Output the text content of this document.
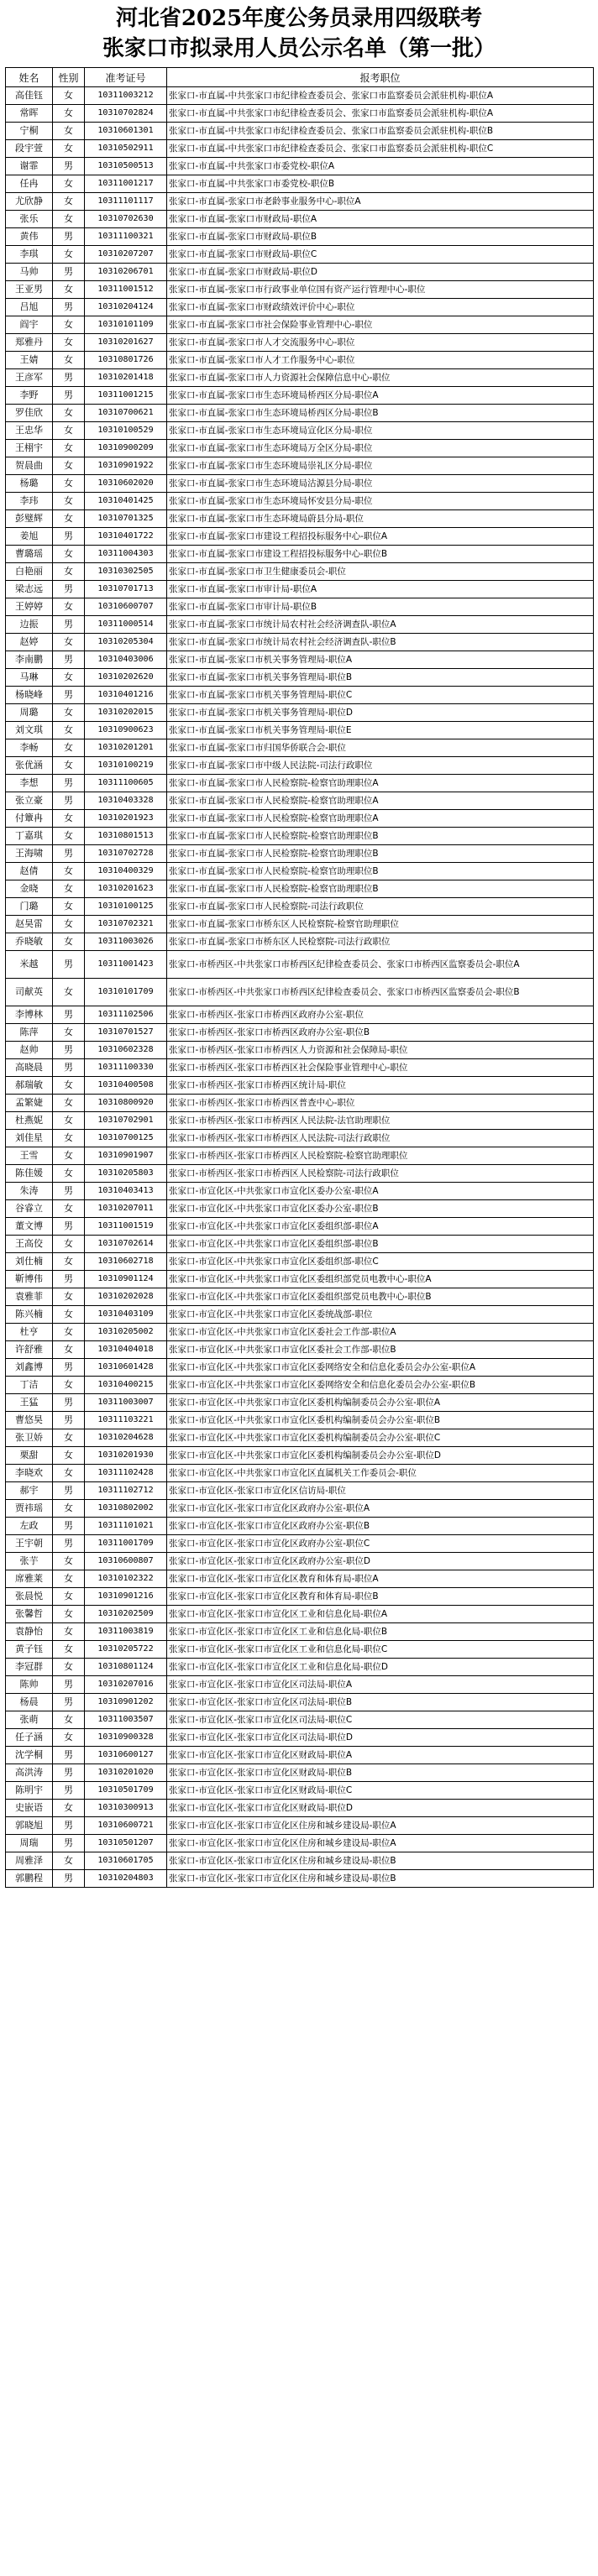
河北省2025年度公务员录用四级联考
张家口市拟录用人员公示名单（第一批）
姓名	性别	准考证号	报考职位
高佳钰	女	10311003212	张家口-市直属-中共张家口市纪律检查委员会、张家口市监察委员会派驻机构-职位A
常晖	女	10310702824	张家口-市直属-中共张家口市纪律检查委员会、张家口市监察委员会派驻机构-职位A
宁桐	女	10310601301	张家口-市直属-中共张家口市纪律检查委员会、张家口市监察委员会派驻机构-职位B
段宇萱	女	10310502911	张家口-市直属-中共张家口市纪律检查委员会、张家口市监察委员会派驻机构-职位C
谢霏	男	10310500513	张家口-市直属-中共张家口市委党校-职位A
任冉	女	10311001217	张家口-市直属-中共张家口市委党校-职位B
尤欣静	女	10311101117	张家口-市直属-张家口市老龄事业服务中心-职位A
张乐	女	10310702630	张家口-市直属-张家口市财政局-职位A
黄伟	男	10311100321	张家口-市直属-张家口市财政局-职位B
李琪	女	10310207207	张家口-市直属-张家口市财政局-职位C
马帅	男	10310206701	张家口-市直属-张家口市财政局-职位D
王亚男	女	10311001512	张家口-市直属-张家口市行政事业单位国有资产运行管理中心-职位
吕旭	男	10310204124	张家口-市直属-张家口市财政绩效评价中心-职位
阎宇	女	10310101109	张家口-市直属-张家口市社会保险事业管理中心-职位
郑雅丹	女	10310201627	张家口-市直属-张家口市人才交流服务中心-职位
王婧	女	10310801726	张家口-市直属-张家口市人才工作服务中心-职位
王彦军	男	10310201418	张家口-市直属-张家口市人力资源社会保障信息中心-职位
李野	男	10311001215	张家口-市直属-张家口市生态环境局桥西区分局-职位A
罗佳欣	女	10310700621	张家口-市直属-张家口市生态环境局桥西区分局-职位B
王忠华	女	10310100529	张家口-市直属-张家口市生态环境局宣化区分局-职位
王栩宇	女	10310900209	张家口-市直属-张家口市生态环境局万全区分局-职位
贺晨曲	女	10310901922	张家口-市直属-张家口市生态环境局崇礼区分局-职位
杨璐	女	10310602020	张家口-市直属-张家口市生态环境局沽源县分局-职位
李玮	女	10310401425	张家口-市直属-张家口市生态环境局怀安县分局-职位
彭璧辉	女	10310701325	张家口-市直属-张家口市生态环境局蔚县分局-职位
姜旭	男	10310401722	张家口-市直属-张家口市建设工程招投标服务中心-职位A
曹璐瑶	女	10311004303	张家口-市直属-张家口市建设工程招投标服务中心-职位B
白艳丽	女	10310302505	张家口-市直属-张家口市卫生健康委员会-职位
梁志远	男	10310701713	张家口-市直属-张家口市审计局-职位A
王婷婷	女	10310600707	张家口-市直属-张家口市审计局-职位B
边振	男	10311000514	张家口-市直属-张家口市统计局农村社会经济调查队-职位A
赵婷	女	10310205304	张家口-市直属-张家口市统计局农村社会经济调查队-职位B
李南鹏	男	10310403006	张家口-市直属-张家口市机关事务管理局-职位A
马琳	女	10310202620	张家口-市直属-张家口市机关事务管理局-职位B
杨晓峰	男	10310401216	张家口-市直属-张家口市机关事务管理局-职位C
周璐	女	10310202015	张家口-市直属-张家口市机关事务管理局-职位D
刘文琪	女	10310900623	张家口-市直属-张家口市机关事务管理局-职位E
李畅	女	10310201201	张家口-市直属-张家口市归国华侨联合会-职位
张优涵	女	10310100219	张家口-市直属-张家口市中级人民法院-司法行政职位
李想	男	10311100605	张家口-市直属-张家口市人民检察院-检察官助理职位A
张立豪	男	10310403328	张家口-市直属-张家口市人民检察院-检察官助理职位A
付簟冉	女	10310201923	张家口-市直属-张家口市人民检察院-检察官助理职位A
丁嘉琪	女	10310801513	张家口-市直属-张家口市人民检察院-检察官助理职位B
王海啸	男	10310702728	张家口-市直属-张家口市人民检察院-检察官助理职位B
赵倩	女	10310400329	张家口-市直属-张家口市人民检察院-检察官助理职位B
金晓	女	10310201623	张家口-市直属-张家口市人民检察院-检察官助理职位B
门璐	女	10310100125	张家口-市直属-张家口市人民检察院-司法行政职位
赵昊雷	女	10310702321	张家口-市直属-张家口市桥东区人民检察院-检察官助理职位
乔晓敏	女	10311003026	张家口-市直属-张家口市桥东区人民检察院-司法行政职位
米越	男	10311001423	张家口-市桥西区-中共张家口市桥西区纪律检查委员会、张家口市桥西区监察委员会-职位A
司献英	女	10310101709	张家口-市桥西区-中共张家口市桥西区纪律检查委员会、张家口市桥西区监察委员会-职位B
李博林	男	10311102506	张家口-市桥西区-张家口市桥西区政府办公室-职位
陈萍	女	10310701527	张家口-市桥西区-张家口市桥西区政府办公室-职位B
赵帅	男	10310602328	张家口-市桥西区-张家口市桥西区人力资源和社会保障局-职位
高晓晨	男	10311100330	张家口-市桥西区-张家口市桥西区社会保险事业管理中心-职位
郝瑞敏	女	10310400508	张家口-市桥西区-张家口市桥西区统计局-职位
孟繁婕	女	10310800920	张家口-市桥西区-张家口市桥西区普查中心-职位
杜燕妮	女	10310702901	张家口-市桥西区-张家口市桥西区人民法院-法官助理职位
刘佳星	女	10310700125	张家口-市桥西区-张家口市桥西区人民法院-司法行政职位
王雪	女	10310901907	张家口-市桥西区-张家口市桥西区人民检察院-检察官助理职位
陈佳媛	女	10310205803	张家口-市桥西区-张家口市桥西区人民检察院-司法行政职位
朱涛	男	10310403413	张家口-市宣化区-中共张家口市宣化区委办公室-职位A
谷睿立	女	10310207011	张家口-市宣化区-中共张家口市宣化区委办公室-职位B
董文博	男	10311001519	张家口-市宣化区-中共张家口市宣化区委组织部-职位A
王高佼	女	10310702614	张家口-市宣化区-中共张家口市宣化区委组织部-职位B
刘仕楠	女	10310602718	张家口-市宣化区-中共张家口市宣化区委组织部-职位C
靳博伟	男	10310901124	张家口-市宣化区-中共张家口市宣化区委组织部党员电教中心-职位A
袁雅菲	女	10310202028	张家口-市宣化区-中共张家口市宣化区委组织部党员电教中心-职位B
陈兴楠	女	10310403109	张家口-市宣化区-中共张家口市宣化区委统战部-职位
杜亨	女	10310205002	张家口-市宣化区-中共张家口市宣化区委社会工作部-职位A
许舒雅	女	10310404018	张家口-市宣化区-中共张家口市宣化区委社会工作部-职位B
刘鑫博	男	10310601428	张家口-市宣化区-中共张家口市宣化区委网络安全和信息化委员会办公室-职位A
丁洁	女	10310400215	张家口-市宣化区-中共张家口市宣化区委网络安全和信息化委员会办公室-职位B
王猛	男	10311003007	张家口-市宣化区-中共张家口市宣化区委机构编制委员会办公室-职位A
曹悠昊	男	10311103221	张家口-市宣化区-中共张家口市宣化区委机构编制委员会办公室-职位B
张卫娇	女	10310204628	张家口-市宣化区-中共张家口市宣化区委机构编制委员会办公室-职位C
栗甜	女	10310201930	张家口-市宣化区-中共张家口市宣化区委机构编制委员会办公室-职位D
李晓欢	女	10311102428	张家口-市宣化区-中共张家口市宣化区直属机关工作委员会-职位
郝宇	男	10311102712	张家口-市宣化区-张家口市宣化区信访局-职位
贾祎瑶	女	10310802002	张家口-市宣化区-张家口市宣化区政府办公室-职位A
左政	男	10311101021	张家口-市宣化区-张家口市宣化区政府办公室-职位B
王宇朝	男	10311001709	张家口-市宣化区-张家口市宣化区政府办公室-职位C
张芋	女	10310600807	张家口-市宣化区-张家口市宣化区政府办公室-职位D
席雅莱	女	10310102322	张家口-市宣化区-张家口市宣化区教育和体育局-职位A
张晨悦	女	10310901216	张家口-市宣化区-张家口市宣化区教育和体育局-职位B
张馨哲	女	10310202509	张家口-市宣化区-张家口市宣化区工业和信息化局-职位A
袁静怡	女	10311003819	张家口-市宣化区-张家口市宣化区工业和信息化局-职位B
黄子钰	女	10310205722	张家口-市宣化区-张家口市宣化区工业和信息化局-职位C
李冠群	女	10310801124	张家口-市宣化区-张家口市宣化区工业和信息化局-职位D
陈帅	男	10310207016	张家口-市宣化区-张家口市宣化区司法局-职位A
杨晨	男	10310901202	张家口-市宣化区-张家口市宣化区司法局-职位B
张萌	女	10311003507	张家口-市宣化区-张家口市宣化区司法局-职位C
任子涵	女	10310900328	张家口-市宣化区-张家口市宣化区司法局-职位D
沈学桐	男	10310600127	张家口-市宣化区-张家口市宣化区财政局-职位A
高洪涛	男	10310201020	张家口-市宣化区-张家口市宣化区财政局-职位B
陈明宇	男	10310501709	张家口-市宣化区-张家口市宣化区财政局-职位C
史嵌语	女	10310300913	张家口-市宣化区-张家口市宣化区财政局-职位D
郭晓旭	男	10310600721	张家口-市宣化区-张家口市宣化区住房和城乡建设局-职位A
周瑞	男	10310501207	张家口-市宣化区-张家口市宣化区住房和城乡建设局-职位A
周雅泽	女	10310601705	张家口-市宣化区-张家口市宣化区住房和城乡建设局-职位B
郭鹏程	男	10310204803	张家口-市宣化区-张家口市宣化区住房和城乡建设局-职位B
